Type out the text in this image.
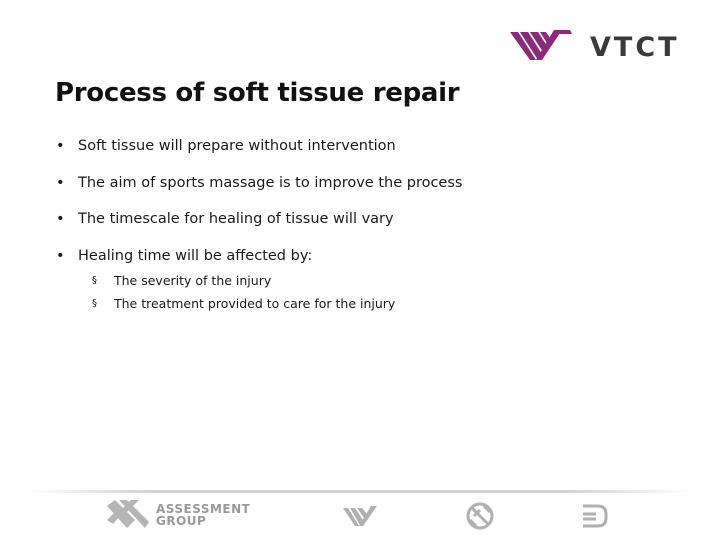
VTCT
Process of soft tissue repair
• Soft tissue will prepare without intervention
• The aim of sports massage is to improve the process
• The timescale for healing of tissue will vary
• Healing time will be affected by:
§ The severity of the injury
§ The treatment provided to care for the injury
ASSESSMENT
GROUP
